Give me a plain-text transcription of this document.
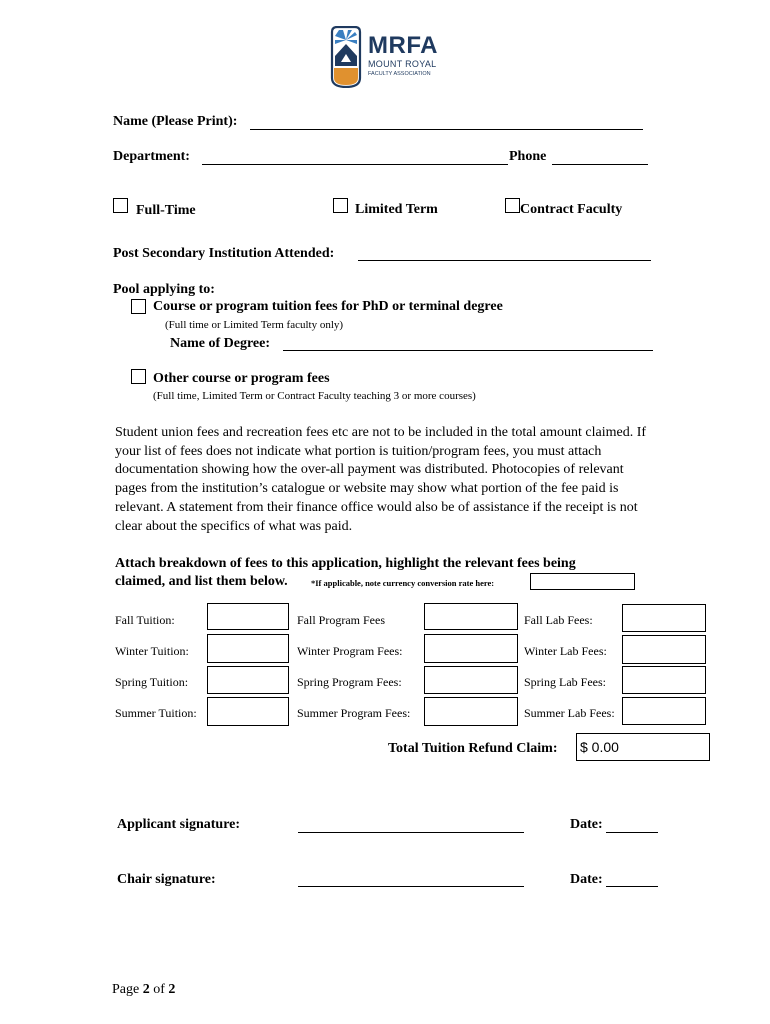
MRFA
MOUNT ROYAL
FACULTY ASSOCIATION
Name (Please Print):
Department:	Phone
Full-Time	Limited Term	Contract Faculty
Post Secondary Institution Attended:
Pool applying to:
Course or program tuition fees for PhD or terminal degree
(Full time or Limited Term faculty only)
Name of Degree:
Other course or program fees
(Full time, Limited Term or Contract Faculty teaching 3 or more courses)
Student union fees and recreation fees etc are not to be included in the total amount claimed. If your list of fees does not indicate what portion is tuition/program fees, you must attach documentation showing how the over-all payment was distributed. Photocopies of relevant pages from the institution’s catalogue or website may show what portion of the fee paid is relevant. A statement from their finance office would also be of assistance if the receipt is not clear about the specifics of what was paid.
Attach breakdown of fees to this application, highlight the relevant fees being
claimed, and list them below.	*If applicable, note currency conversion rate here:
Fall Tuition:	Fall Program Fees	Fall Lab Fees:
Winter Tuition:	Winter Program Fees:	Winter Lab Fees:
Spring Tuition:	Spring Program Fees:	Spring Lab Fees:
Summer Tuition:	Summer Program Fees:	Summer Lab Fees:
Total Tuition Refund Claim: $ 0.00
Applicant signature:	Date:
Chair signature:	Date:
Page 2 of 2
